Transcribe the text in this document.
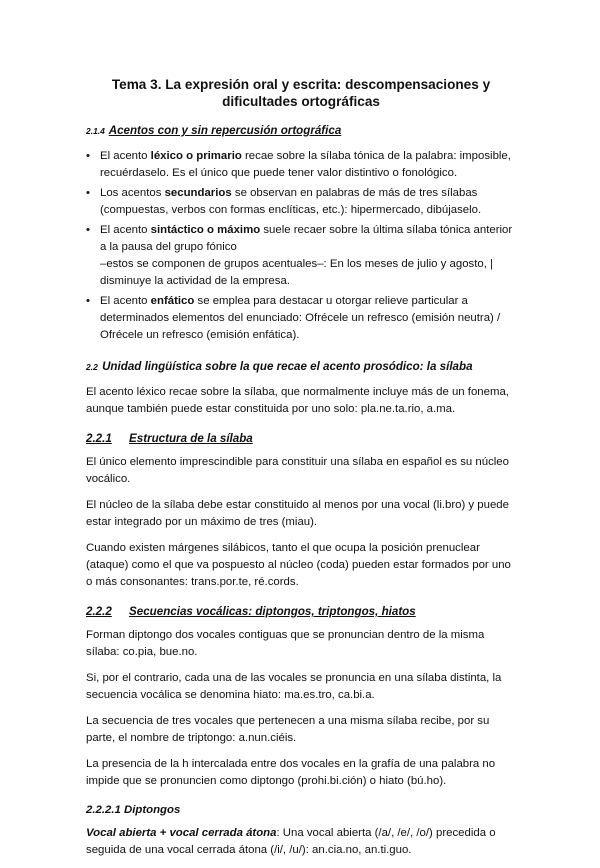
Tema 3. La expresión oral y escrita: descompensaciones y dificultades ortográficas
2.1.4 Acentos con y sin repercusión ortográfica
• El acento léxico o primario recae sobre la sílaba tónica de la palabra: imposible, recuérdaselo. Es el único que puede tener valor distintivo o fonológico.
• Los acentos secundarios se observan en palabras de más de tres sílabas (compuestas, verbos con formas enclíticas, etc.): hipermercado, dibújaselo.
• El acento sintáctico o máximo suele recaer sobre la última sílaba tónica anterior a la pausa del grupo fónico
–estos se componen de grupos acentuales–: En los meses de julio y agosto, | disminuye la actividad de la empresa.
• El acento enfático se emplea para destacar u otorgar relieve particular a determinados elementos del enunciado: Ofrécele un refresco (emisión neutra) / Ofrécele un refresco (emisión enfática).
2.2 Unidad lingüística sobre la que recae el acento prosódico: la sílaba

El acento léxico recae sobre la sílaba, que normalmente incluye más de un fonema, aunque también puede estar constituida por uno solo: pla.ne.ta.rio, a.ma.

2.2.1 Estructura de la sílaba

El único elemento imprescindible para constituir una sílaba en español es su núcleo vocálico.

El núcleo de la sílaba debe estar constituido al menos por una vocal (li.bro) y puede estar integrado por un máximo de tres (miau).

Cuando existen márgenes silábicos, tanto el que ocupa la posición prenuclear (ataque) como el que va pospuesto al núcleo (coda) pueden estar formados por uno o más consonantes: trans.por.te, ré.cords.

2.2.2 Secuencias vocálicas: diptongos, triptongos, hiatos

Forman diptongo dos vocales contiguas que se pronuncian dentro de la misma sílaba: co.pia, bue.no.

Si, por el contrario, cada una de las vocales se pronuncia en una sílaba distinta, la secuencia vocálica se denomina hiato: ma.es.tro, ca.bi.a.

La secuencia de tres vocales que pertenecen a una misma sílaba recibe, por su parte, el nombre de triptongo: a.nun.ciéis.

La presencia de la h intercalada entre dos vocales en la grafía de una palabra no impide que se pronuncien como diptongo (prohi.bi.ción) o hiato (bú.ho).

2.2.2.1 Diptongos

Vocal abierta + vocal cerrada átona: Una vocal abierta (/a/, /e/, /o/) precedida o seguida de una vocal cerrada átona (/i/, /u/): an.cia.no, an.ti.guo.
